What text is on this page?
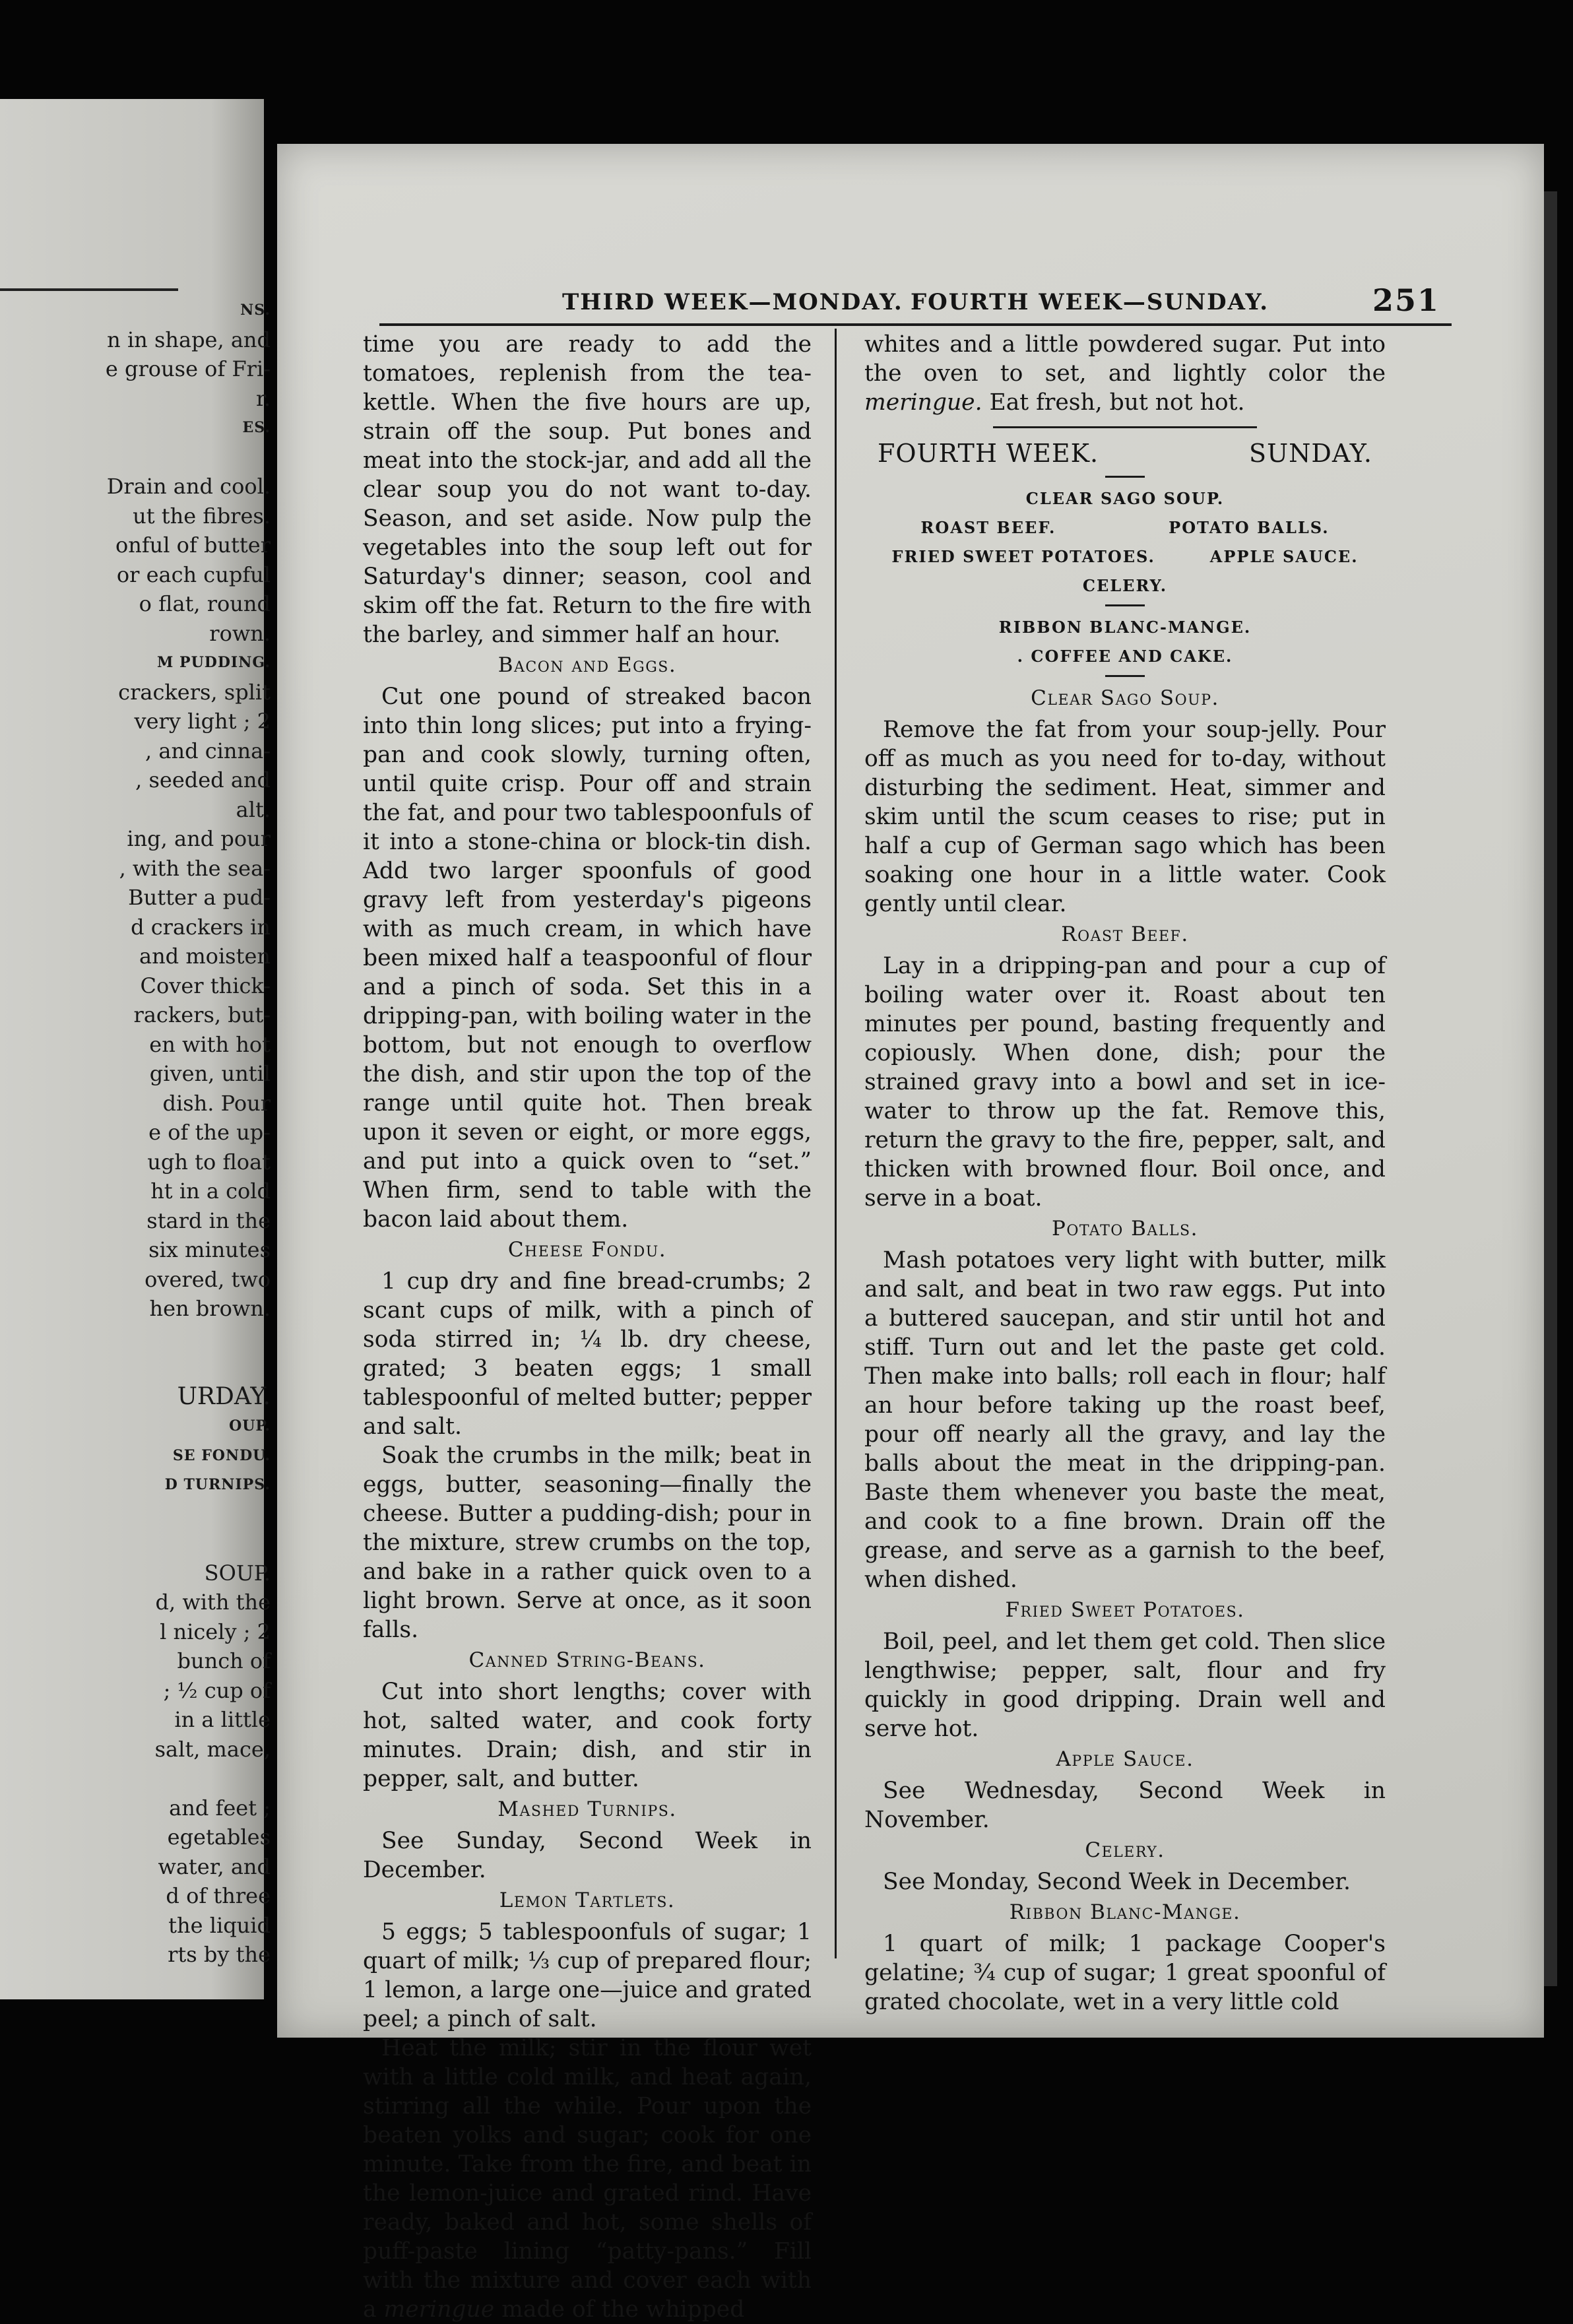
NS.
n in shape, and
e grouse of Fri-
r.
ES.
Drain and cool.
ut the fibres.
onful of butter
or each cupful
o flat, round
rown.
M PUDDING.
crackers, split
very light ; 2
, and cinna-
, seeded and
alt.
ing, and pour
, with the sea-
Butter a pud-
d crackers in
and moisten
Cover thick-
rackers, but-
en with hot
given, until
dish. Pour
e of the up-
ugh to float
ht in a cold
stard in the
six minutes
overed, two
hen brown.
URDAY.
OUP.
SE FONDU.
D TURNIPS.
SOUP.
d, with the
l nicely ; 2
bunch of
; ½ cup of
in a little
salt, mace,
and feet ;
egetables
water, and
d of three
the liquid
rts by the
THIRD WEEK—MONDAY. FOURTH WEEK—SUNDAY.	251

time you are ready to add the tomatoes, replenish from the tea-kettle. When the five hours are up, strain off the soup. Put bones and meat into the stock-jar, and add all the clear soup you do not want to-day. Season, and set aside. Now pulp the vegetables into the soup left out for Saturday's dinner; season, cool and skim off the fat. Return to the fire with the barley, and simmer half an hour.

Bacon and Eggs.

Cut one pound of streaked bacon into thin long slices; put into a frying-pan and cook slowly, turning often, until quite crisp. Pour off and strain the fat, and pour two tablespoonfuls of it into a stone-china or block-tin dish. Add two larger spoonfuls of good gravy left from yesterday's pigeons with as much cream, in which have been mixed half a teaspoonful of flour and a pinch of soda. Set this in a dripping-pan, with boiling water in the bottom, but not enough to overflow the dish, and stir upon the top of the range until quite hot. Then break upon it seven or eight, or more eggs, and put into a quick oven to “set.” When firm, send to table with the bacon laid about them.

Cheese Fondu.

1 cup dry and fine bread-crumbs; 2 scant cups of milk, with a pinch of soda stirred in; ¼ lb. dry cheese, grated; 3 beaten eggs; 1 small tablespoonful of melted butter; pepper and salt.

Soak the crumbs in the milk; beat in eggs, butter, seasoning—finally the cheese. Butter a pudding-dish; pour in the mixture, strew crumbs on the top, and bake in a rather quick oven to a light brown. Serve at once, as it soon falls.

Canned String-Beans.

Cut into short lengths; cover with hot, salted water, and cook forty minutes. Drain; dish, and stir in pepper, salt, and butter.

Mashed Turnips.

See Sunday, Second Week in December.

Lemon Tartlets.

5 eggs; 5 tablespoonfuls of sugar; 1 quart of milk; ⅓ cup of prepared flour; 1 lemon, a large one—juice and grated peel; a pinch of salt.

Heat the milk; stir in the flour wet with a little cold milk, and heat again, stirring all the while. Pour upon the beaten yolks and sugar; cook for one minute. Take from the fire, and beat in the lemon-juice and grated rind. Have ready, baked and hot, some shells of puff-paste lining “patty-pans.” Fill with the mixture and cover each with a meringue made of the whipped

whites and a little powdered sugar. Put into the oven to set, and lightly color the meringue. Eat fresh, but not hot.

FOURTH WEEK.	SUNDAY.
CLEAR SAGO SOUP.
ROAST BEEF.	POTATO BALLS.
FRIED SWEET POTATOES.	APPLE SAUCE.
CELERY.
RIBBON BLANC-MANGE.
. COFFEE AND CAKE.
Clear Sago Soup.

Remove the fat from your soup-jelly. Pour off as much as you need for to-day, without disturbing the sediment. Heat, simmer and skim until the scum ceases to rise; put in half a cup of German sago which has been soaking one hour in a little water. Cook gently until clear.

Roast Beef.

Lay in a dripping-pan and pour a cup of boiling water over it. Roast about ten minutes per pound, basting frequently and copiously. When done, dish; pour the strained gravy into a bowl and set in ice-water to throw up the fat. Remove this, return the gravy to the fire, pepper, salt, and thicken with browned flour. Boil once, and serve in a boat.

Potato Balls.

Mash potatoes very light with butter, milk and salt, and beat in two raw eggs. Put into a buttered saucepan, and stir until hot and stiff. Turn out and let the paste get cold. Then make into balls; roll each in flour; half an hour before taking up the roast beef, pour off nearly all the gravy, and lay the balls about the meat in the dripping-pan. Baste them whenever you baste the meat, and cook to a fine brown. Drain off the grease, and serve as a garnish to the beef, when dished.

Fried Sweet Potatoes.

Boil, peel, and let them get cold. Then slice lengthwise; pepper, salt, flour and fry quickly in good dripping. Drain well and serve hot.

Apple Sauce.

See Wednesday, Second Week in November.

Celery.

See Monday, Second Week in December.

Ribbon Blanc-Mange.

1 quart of milk; 1 package Cooper's gelatine; ¾ cup of sugar; 1 great spoonful of grated chocolate, wet in a very little cold
